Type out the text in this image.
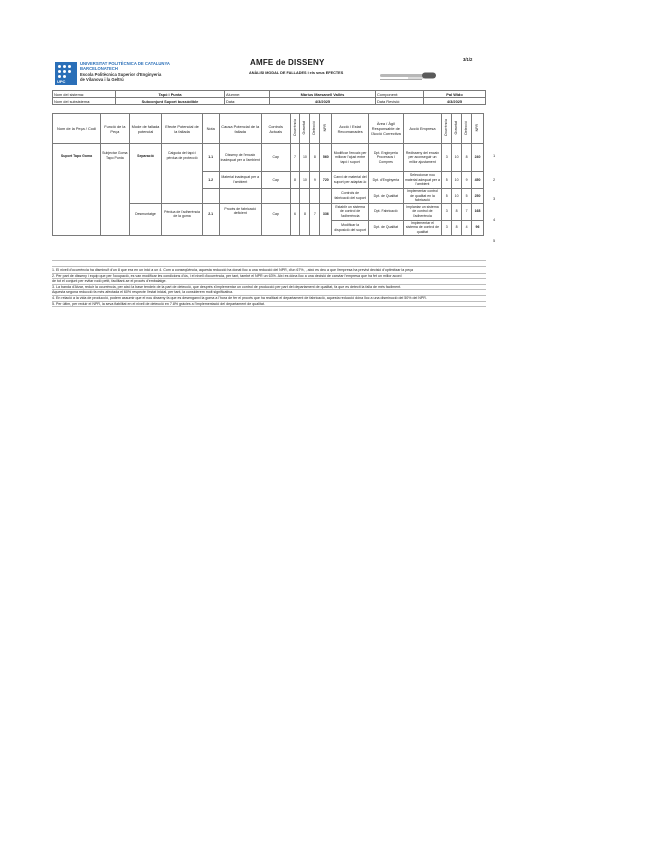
3/1/2
UPC
UNIVERSITAT POLITÈCNICA DE CATALUNYA
BARCELONATECH
Escola Politècnica Superior d'Enginyeria
de Vilanova i la Geltrú
AMFE de DISSENY
ANÀLISI MODAL DE FALLADES i els seus EFECTES
Nom del sistema:	Tapó i Punta	Alumne:	Màrius Marsanell Vallès	Component:	Pal Wido
Nom del subsistema:	Subconjunt Suport bussòdible	Data:	4/3/2025	Data Revisió:	4/3/2025
Nom de la Peça / Codi	Funció de la Peça	Mode de fallada potencial	Efecte Potencial de la fallada	Nota	Causa Potencial de la fallada	Controls Actuals	Ocurrència	Gravetat	Detecció	NPR	Acció / Estat Recomanades	Àrea / Àgil Responsable de l'Acció Correctiva	Acció Empresa	Ocurrència	Gravetat	Detecció	NPR
Suport Tapo Goma	Subjectar Goma Tapo Punta	Separació	Caiguda del tapó i pèrdua de protecció	1.1	Disseny de l'encaix inadequat per a l'ambient	Cap	7	10	8	560	Modificar l'encaix per millorar l'ajust entre tapó i suport	Dpt. Enginyeria Processos i Compres	Redisseny del encaix per aconseguir un millor ajustament	3	10	8	240
				1.2	Material inadequat per a l'ambient	Cap	8	10	9	720	Canvi de material del suport per adaptar-lo	Dpt. d'Enginyeria	Seleccionar nou material adequat per a l'ambient	5	10	9	450
											Controls de fabricació del suport	Dpt. de Qualitat	Implementar control de qualitat en la fabricació	5	10	5	250
		Desmuntatge	Pèrdua de l'adherència de la goma	2.1	Procés de fabricació deficient	Cap	6	8	7	336	Establir un sistema de control de l'adherència	Dpt. Fabricació	Implantar un sistema de control de l'adherència	3	8	7	168
											Modificar la disposició del suport	Dpt. de Qualitat	Implementar el sistema de control de qualitat	3	8	4	96
1
2
3
4
5
1. El nivell d'ocurrència ha disminuït d'un 8 que era en un inici a un 4. Com a conseqüència, aquesta reducció ha donat lloc a una reducció del NPR, d'un 67%, , això es deu a que l'empresa ha previst decisió d'optimitzar la peça
2. Per part de disseny i equip que per l'ocupació, es van modificar les condicions d'ús, i el nivell d'ocurrència, per tant, també el NPR un 63%. Així es dóna lloc a una decisió de canviar l'empresa que ha fet un millor acord
de tot el conjunt per evitar rodó petit, facilitant-se el procés d'embalatge.
3. La banda d'Atzar, reduir la ocurrència, per això la base tendeix de la part de detecció, que després s'implementar un control de producció per part del departament de qualitat, fa que es detecti la falla de més facilment.
Aquesta segona reducció fa més afectada el 60% respecte l'estat inicial, per tant, la considerem molt significativa.
4. En relació a la vida de producció, podem assumir que el nou disseny fa que es desenganxi la goma a l'hora de fer el procés que ha realitzat el departament de fabricació, aquesta reducció dóna lloc a una disminució del 50% del NPR.
5. Per últim, per reduir el NPR, la seva fiabilitat en el nivell de detecció en 7.8% gràcies a l'implementació del departament de qualitat.
